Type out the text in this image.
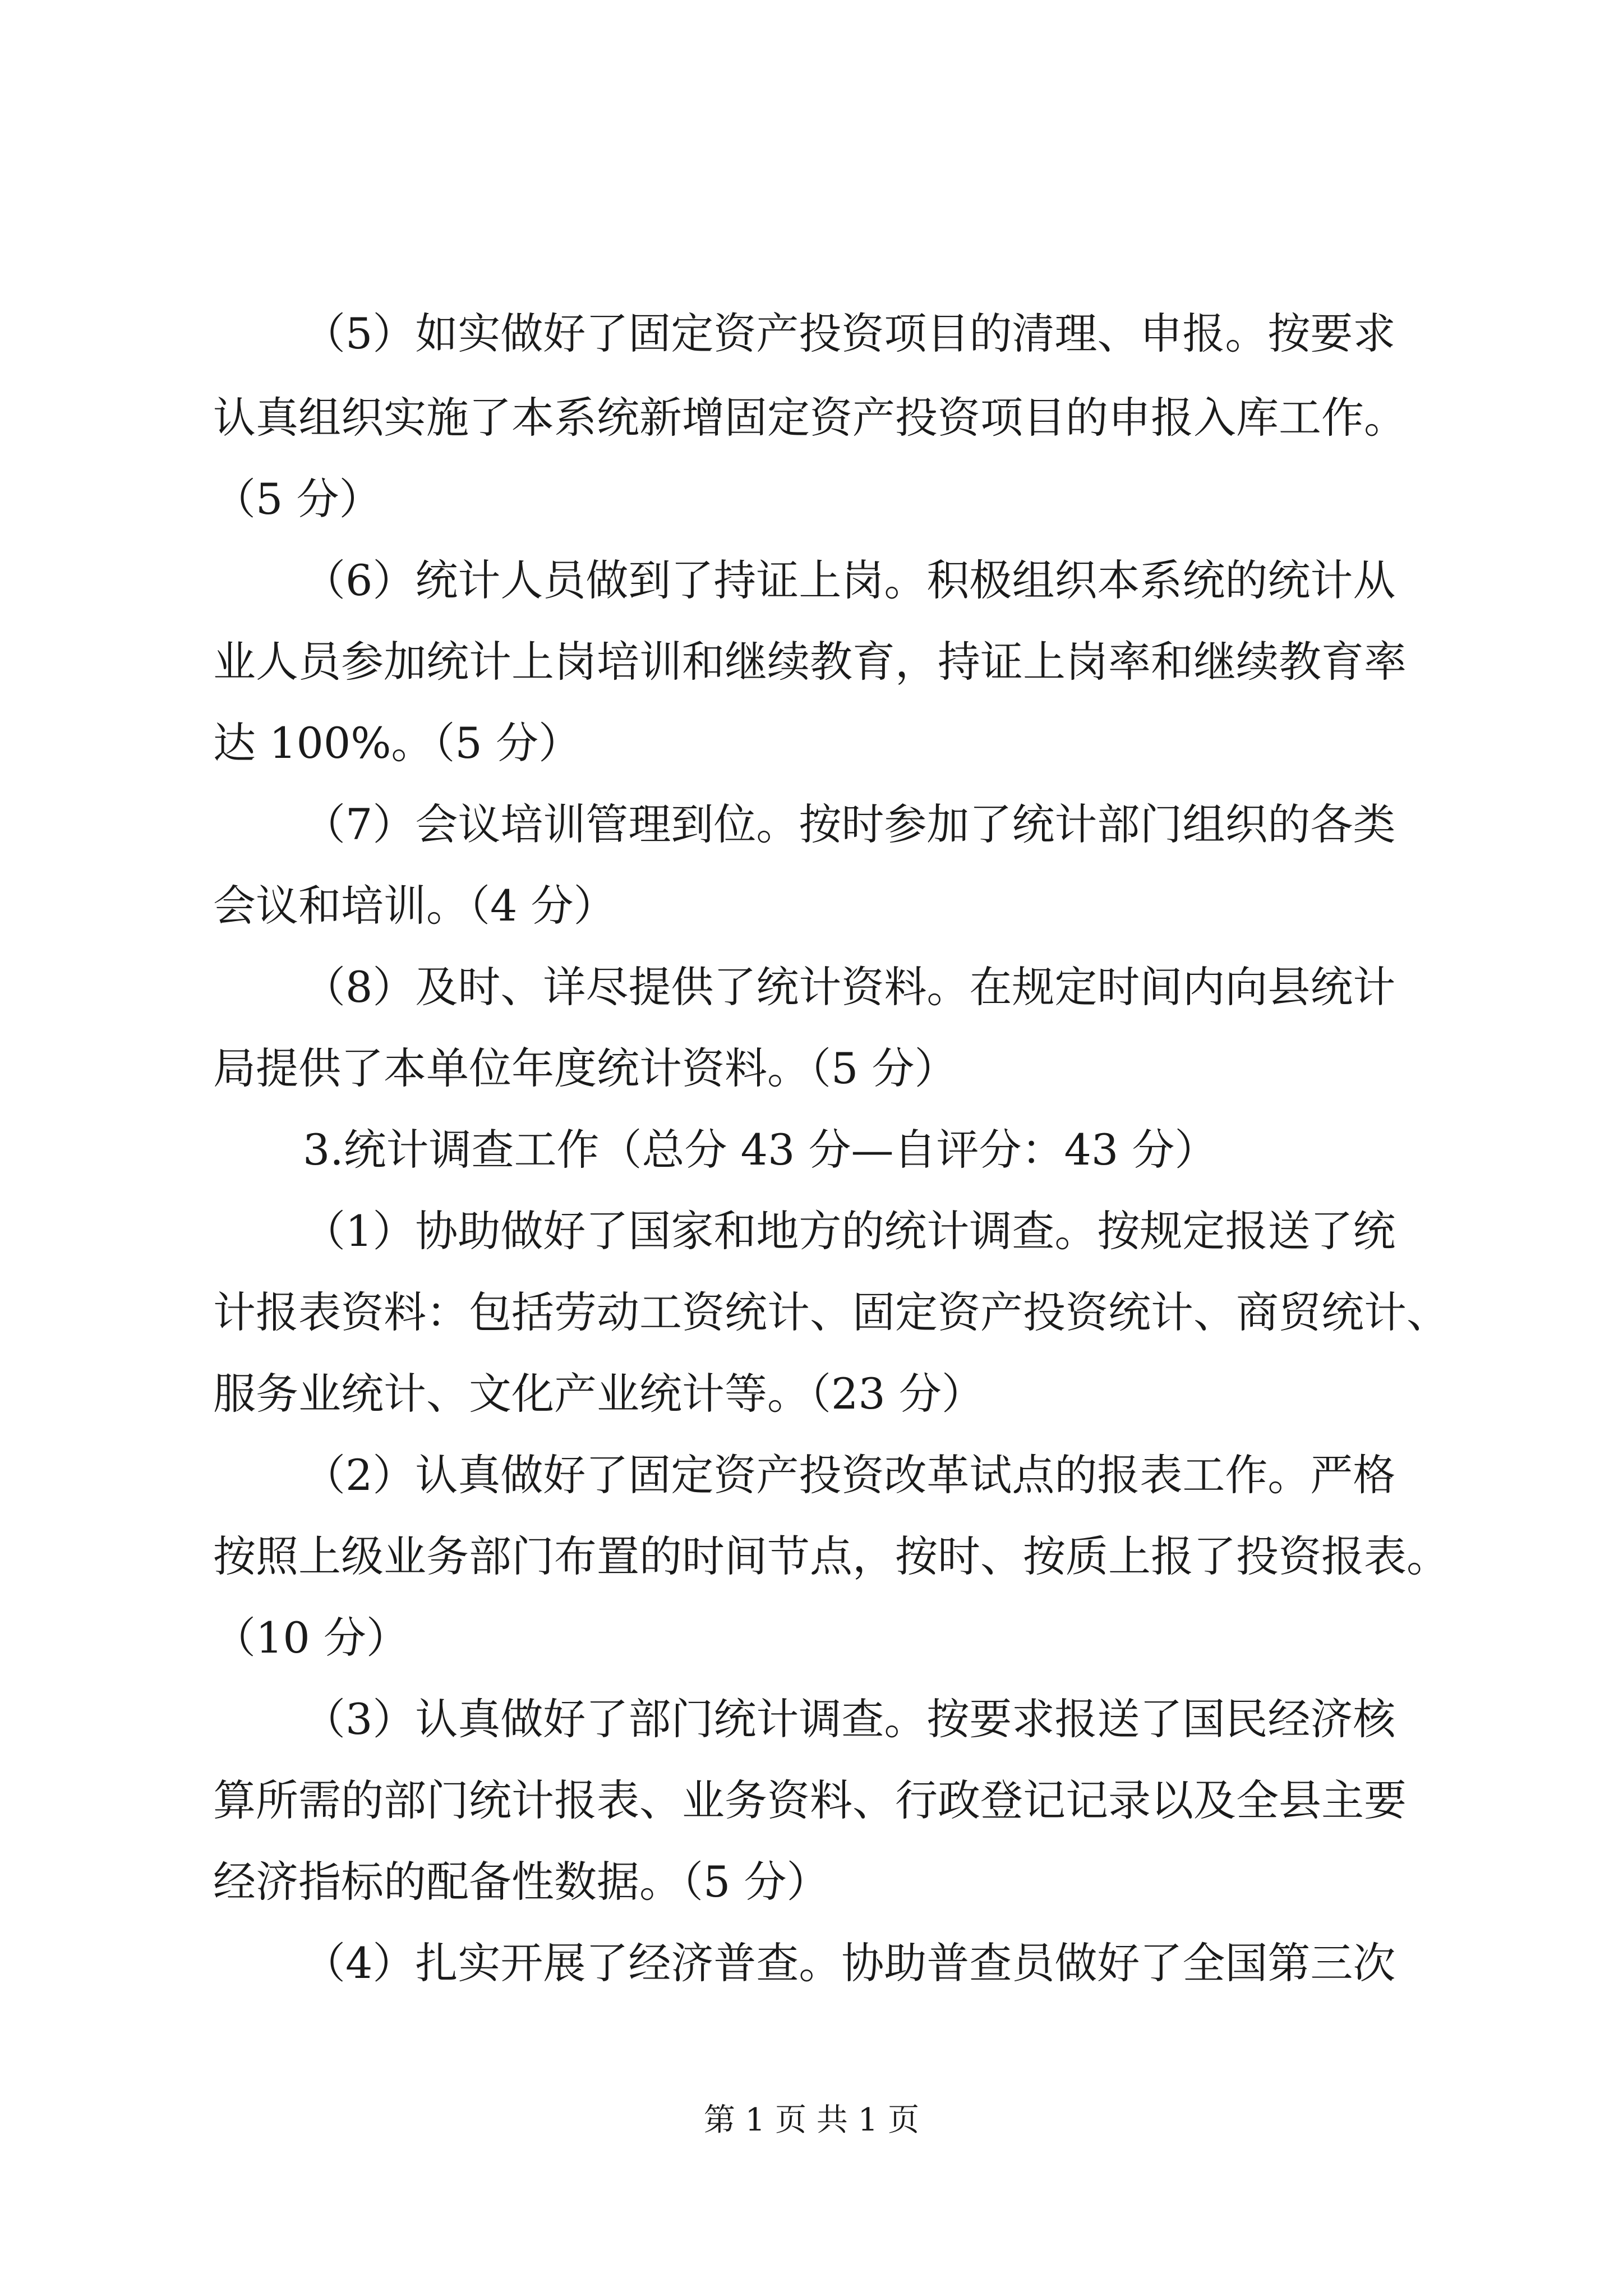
（5）如实做好了固定资产投资项目的清理、申报。按要求
认真组织实施了本系统新增固定资产投资项目的申报入库工作。
（5 分）
（6）统计人员做到了持证上岗。积极组织本系统的统计从
业人员参加统计上岗培训和继续教育，持证上岗率和继续教育率
达 100%。（5 分）
（7）会议培训管理到位。按时参加了统计部门组织的各类
会议和培训。（4 分）
（8）及时、详尽提供了统计资料。在规定时间内向县统计
局提供了本单位年度统计资料。（5 分）
3.统计调查工作（总分 43 分—自评分：43 分）
（1）协助做好了国家和地方的统计调查。按规定报送了统
计报表资料：包括劳动工资统计、固定资产投资统计、商贸统计、
服务业统计、文化产业统计等。（23 分）
（2）认真做好了固定资产投资改革试点的报表工作。严格
按照上级业务部门布置的时间节点，按时、按质上报了投资报表。
（10 分）
（3）认真做好了部门统计调查。按要求报送了国民经济核
算所需的部门统计报表、业务资料、行政登记记录以及全县主要
经济指标的配备性数据。（5 分）
（4）扎实开展了经济普查。协助普查员做好了全国第三次
第 1 页 共 1 页
